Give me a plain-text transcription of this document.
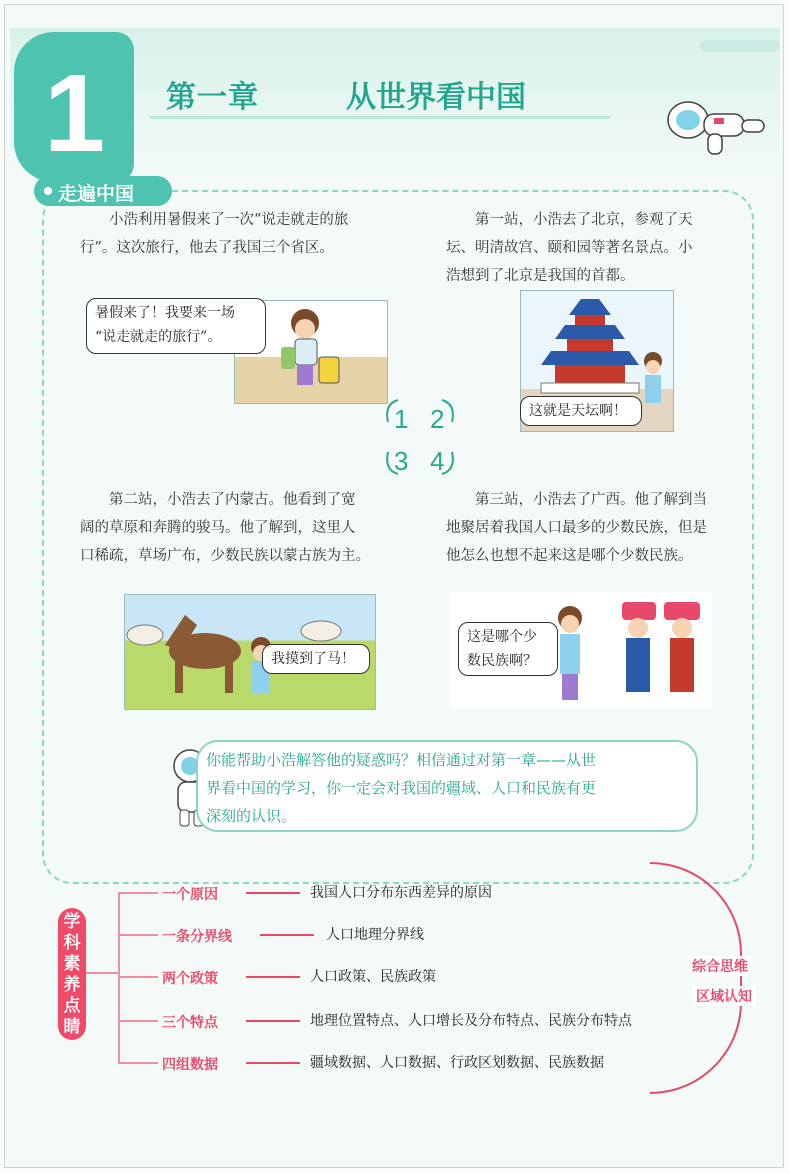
1 第一章	从世界看中国
走遍中国
小浩利用暑假来了一次“说走就走的旅
行”。这次旅行，他去了我国三个省区。
暑假来了！我要来一场
“说走就走的旅行”。
第一站，小浩去了北京，参观了天
坛、明清故宫、颐和园等著名景点。小
浩想到了北京是我国的首都。
这就是天坛啊！
1 2
3 4
第二站，小浩去了内蒙古。他看到了宽
阔的草原和奔腾的骏马。他了解到，这里人
口稀疏，草场广布，少数民族以蒙古族为主。
我摸到了马！
第三站，小浩去了广西。他了解到当
地聚居着我国人口最多的少数民族，但是
他怎么也想不起来这是哪个少数民族。
这是哪个少
数民族啊？

你能帮助小浩解答他的疑惑吗？相信通过对第一章——从世
界看中国的学习，你一定会对我国的疆域、人口和民族有更
深刻的认识。

学
科
素
养
点
睛
一个原因	我国人口分布东西差异的原因
一条分界线	人口地理分界线
两个政策	人口政策、民族政策
三个特点	地理位置特点、人口增长及分布特点、民族分布特点
四组数据	疆域数据、人口数据、行政区划数据、民族数据
综合思维
区域认知
